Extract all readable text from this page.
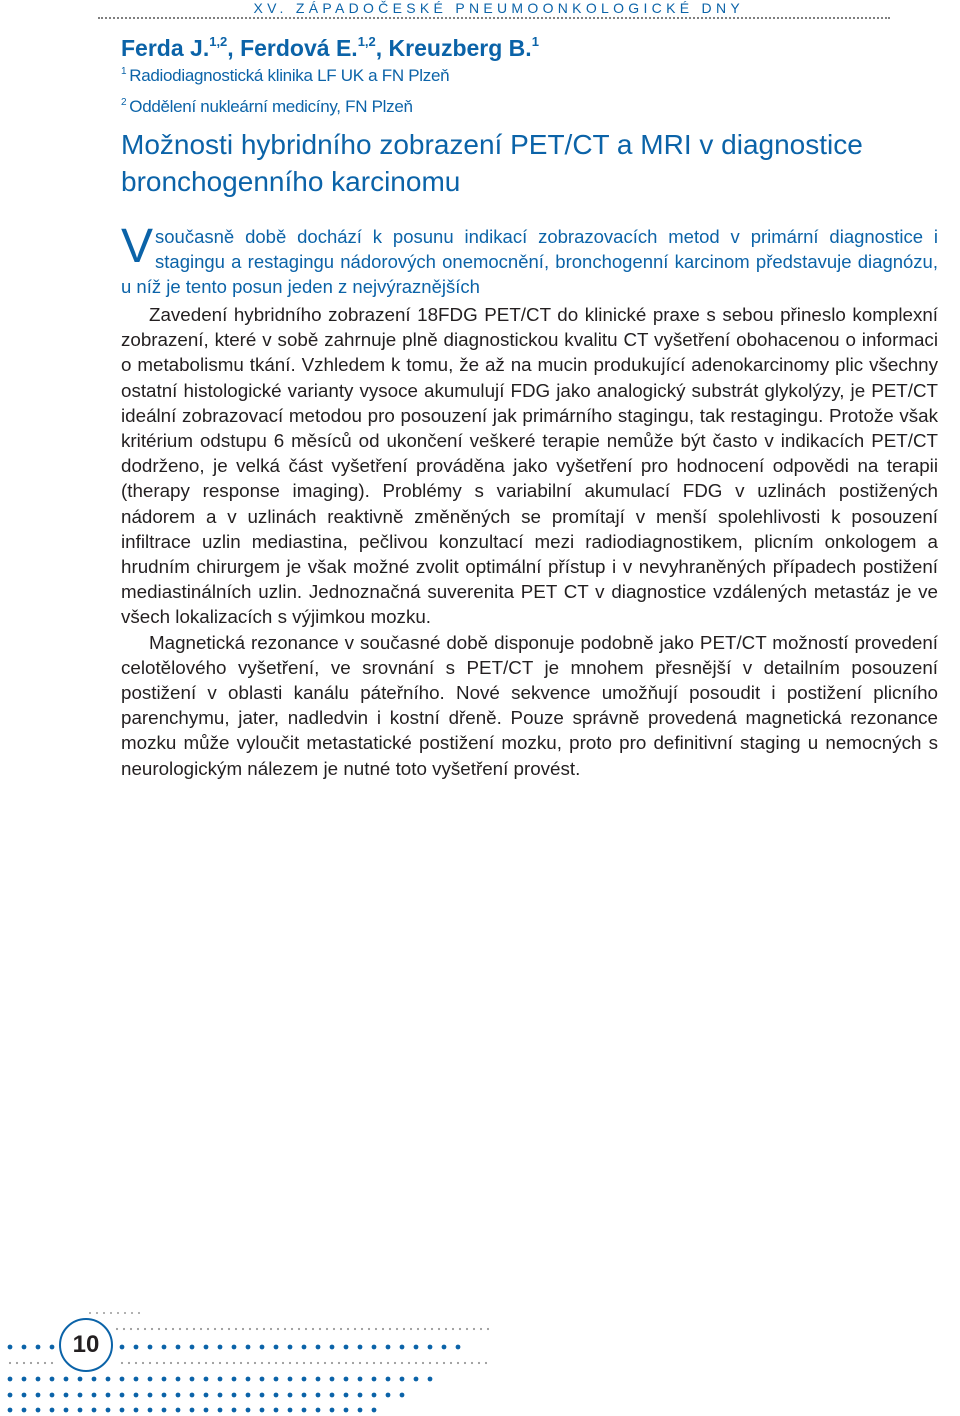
XV. ZÁPADOČESKÉ PNEUMOONKOLOGICKÉ DNY
Ferda J.$^{1,2}$, Ferdová E.$^{1,2}$, Kreuzberg B.$^1$
$^1$ Radiodiagnostická klinika LF UK a FN Plzeň
$^2$ Oddělení nukleární medicíny, FN Plzeň
Možnosti hybridního zobrazení PET/CT a MRI v diagnostice bronchogenního karcinomu

Vsoučasně době dochází k posunu indikací zobrazovacích metod v primární diagnostice i stagingu a restagingu nádorových onemocnění, bronchogenní karcinom představuje diagnózu, u níž je tento posun jeden z nejvýraznějších

Zavedení hybridního zobrazení 18FDG PET/CT do klinické praxe s sebou přineslo komplexní zobrazení, které v sobě zahrnuje plně diagnostickou kvalitu CT vyšetření obohacenou o informaci o metabolismu tkání. Vzhledem k tomu, že až na mucin produkující adenokarcinomy plic všechny ostatní histologické varianty vysoce akumulují FDG jako analogický substrát glykolýzy, je PET/CT ideální zobrazovací metodou pro posouzení jak primárního stagingu, tak restagingu. Protože však kritérium odstupu 6 měsíců od ukončení veškeré terapie nemůže být často v indikacích PET/CT dodrženo, je velká část vyšetření prováděna jako vyšetření pro hodnocení odpovědi na terapii (therapy response imaging). Problémy s variabilní akumulací FDG v uzlinách postižených nádorem a v uzlinách reaktivně změněných se promítají v menší spolehlivosti k posouzení infiltrace uzlin mediastina, pečlivou konzultací mezi radiodiagnostikem, plicním onkologem a hrudním chirurgem je však možné zvolit optimální přístup i v nevyhraněných případech postižení mediastinálních uzlin. Jednoznačná suverenita PET CT v diagnostice vzdálených metastáz je ve všech lokalizacích s výjimkou mozku.

Magnetická rezonance v současné době disponuje podobně jako PET/CT možností provedení celotělového vyšetření, ve srovnání s PET/CT je mnohem přesnější v detailním posouzení postižení v oblasti kanálu páteřního. Nové sekvence umožňují posoudit i postižení plicního parenchymu, jater, nadledvin i kostní dřeně. Pouze správně provedená magnetická rezonance mozku může vyloučit metastatické postižení mozku, proto pro definitivní staging u nemocných s neurologickým nálezem je nutné toto vyšetření provést.

10
